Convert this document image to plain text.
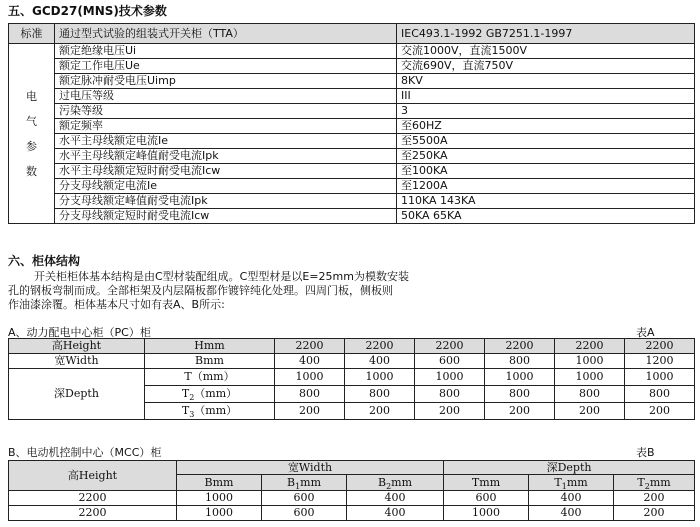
五、GCD27(MNS)技术参数
标准	通过型式试验的组装式开关柜（TTA）	IEC493.1-1992 GB7251.1-1997

电
气
参
数	额定绝缘电压Ui	交流1000V，直流1500V
	额定工作电压Ue	交流690V，直流750V
	额定脉冲耐受电压Uimp	8KV
	过电压等级	III
	污染等级	3
	额定频率	至60HZ
	水平主母线额定电流Ie	至5500A
	水平主母线额定峰值耐受电流Ipk	至250KA
	水平主母线额定短时耐受电流Icw	至100KA
	分支母线额定电流Ie	至1200A
	分支母线额定峰值耐受电流Ipk	110KA 143KA
	分支母线额定短时耐受电流Icw	50KA 65KA
六、柜体结构
开关柜柜体基本结构是由C型材装配组成。C型型材是以E=25mm为模数安装
孔的钢板弯制而成。全部柜架及内层隔板都作镀锌纯化处理。四周门板，侧板则
作油漆涂覆。柜体基本尺寸如有表A、B所示:
A、动力配电中心柜（PC）柜	表A
高Height	Hmm	2200	2200	2200	2200	2200	2200
宽Width	Bmm	400	400	600	800	1000	1200
深Depth	T（mm）	1000	1000	1000	1000	1000	1000
	$T_2(mm)$	800	800	800	800	800	800
	$T_3(mm)$	200	200	200	200	200	200
B、电动机控制中心（MCC）柜	表B
高Height	宽Width			深Depth		
	Bmm	$B_1mm$	$B_2mm$	Tmm	$T_1mm$	$T_2mm$
2200	1000	600	400	600	400	200
2200	1000	600	400	1000	400	200
